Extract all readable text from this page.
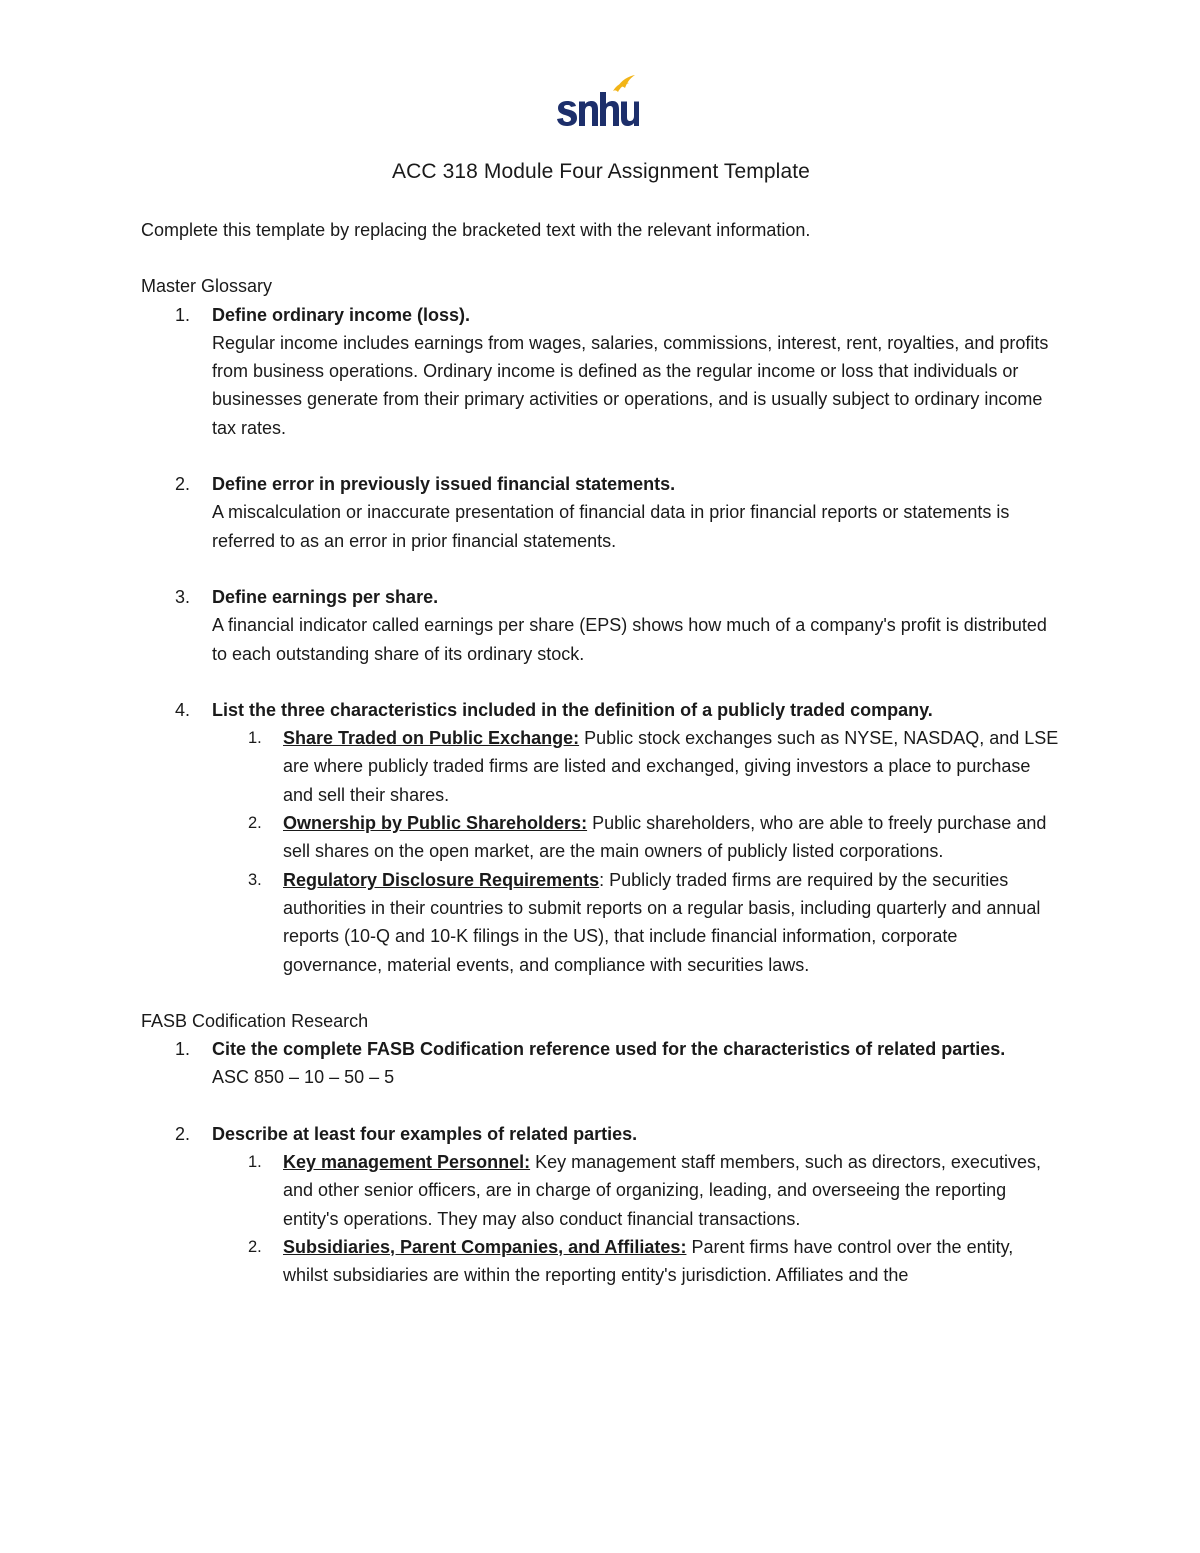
ACC 318 Module Four Assignment Template

Complete this template by replacing the bracketed text with the relevant information.

Master Glossary
1. Define ordinary income (loss).
Regular income includes earnings from wages, salaries, commissions, interest, rent, royalties, and profits from business operations. Ordinary income is defined as the regular income or loss that individuals or businesses generate from their primary activities or operations, and is usually subject to ordinary income tax rates.
2. Define error in previously issued financial statements.
A miscalculation or inaccurate presentation of financial data in prior financial reports or statements is referred to as an error in prior financial statements.
3. Define earnings per share.
A financial indicator called earnings per share (EPS) shows how much of a company's profit is distributed to each outstanding share of its ordinary stock.
4. List the three characteristics included in the definition of a publicly traded company.
1. Share Traded on Public Exchange: Public stock exchanges such as NYSE, NASDAQ, and LSE are where publicly traded firms are listed and exchanged, giving investors a place to purchase and sell their shares.
2. Ownership by Public Shareholders: Public shareholders, who are able to freely purchase and sell shares on the open market, are the main owners of publicly listed corporations.
3. Regulatory Disclosure Requirements: Publicly traded firms are required by the securities authorities in their countries to submit reports on a regular basis, including quarterly and annual reports (10-Q and 10-K filings in the US), that include financial information, corporate governance, material events, and compliance with securities laws.
FASB Codification Research
1. Cite the complete FASB Codification reference used for the characteristics of related parties.
ASC 850 – 10 – 50 – 5
2. Describe at least four examples of related parties.
1. Key management Personnel: Key management staff members, such as directors, executives, and other senior officers, are in charge of organizing, leading, and overseeing the reporting entity's operations. They may also conduct financial transactions.
2. Subsidiaries, Parent Companies, and Affiliates: Parent firms have control over the entity, whilst subsidiaries are within the reporting entity's jurisdiction. Affiliates and the
